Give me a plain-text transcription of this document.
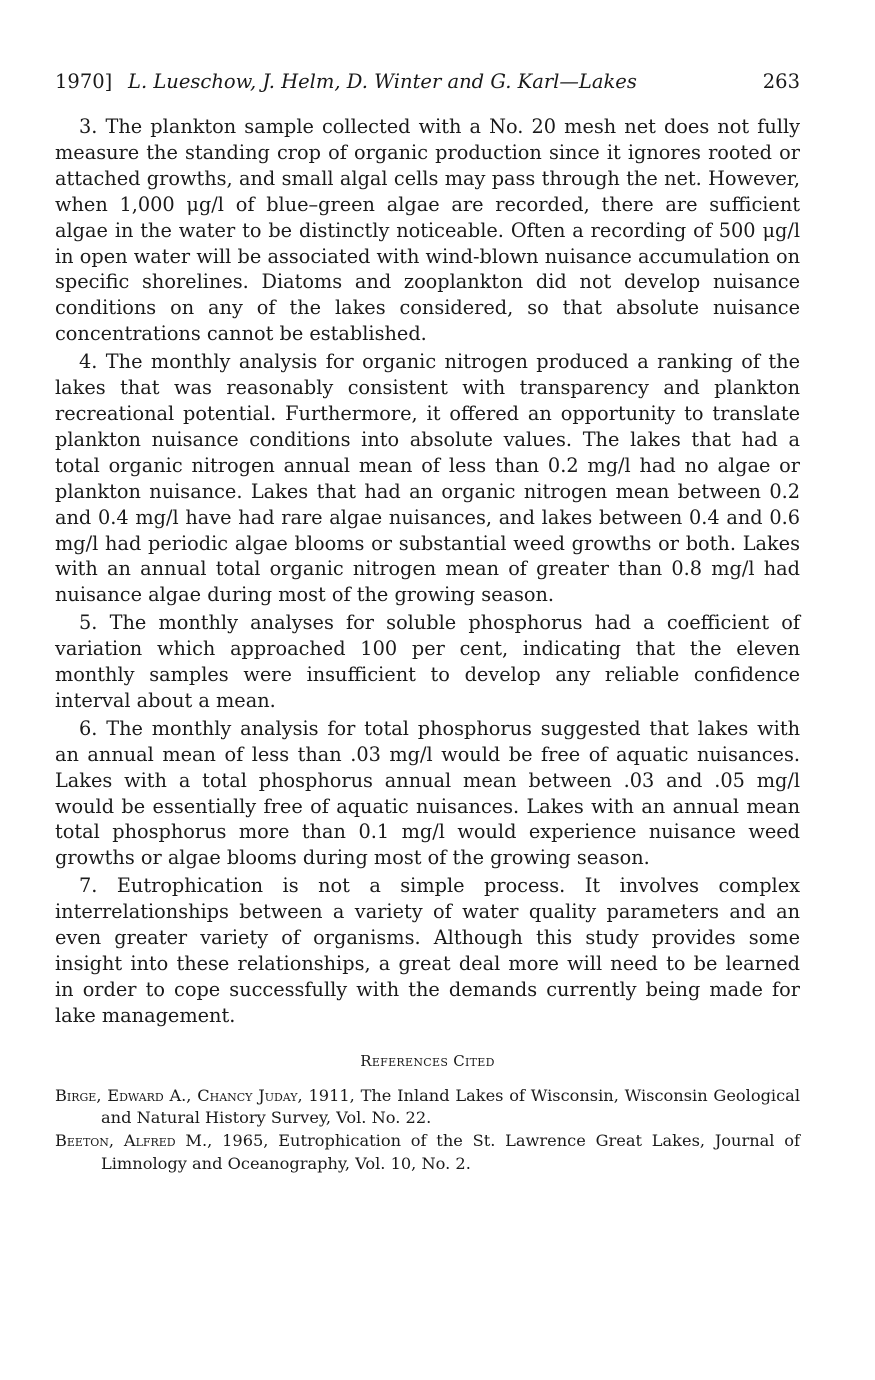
1970] L. Lueschow, J. Helm, D. Winter and G. Karl—Lakes	263

3. The plankton sample collected with a No. 20 mesh net does not fully measure the standing crop of organic production since it ignores rooted or attached growths, and small algal cells may pass through the net. However, when 1,000 μg/l of blue–green algae are recorded, there are sufficient algae in the water to be distinctly noticeable. Often a recording of 500 μg/l in open water will be associated with wind-blown nuisance accumulation on specific shorelines. Diatoms and zooplankton did not develop nuisance conditions on any of the lakes considered, so that absolute nuisance concentrations cannot be established.

4. The monthly analysis for organic nitrogen produced a ranking of the lakes that was reasonably consistent with transparency and plankton recreational potential. Furthermore, it offered an opportunity to translate plankton nuisance conditions into absolute values. The lakes that had a total organic nitrogen annual mean of less than 0.2 mg/l had no algae or plankton nuisance. Lakes that had an organic nitrogen mean between 0.2 and 0.4 mg/l have had rare algae nuisances, and lakes between 0.4 and 0.6 mg/l had periodic algae blooms or substantial weed growths or both. Lakes with an annual total organic nitrogen mean of greater than 0.8 mg/l had nuisance algae during most of the growing season.

5. The monthly analyses for soluble phosphorus had a coefficient of variation which approached 100 per cent, indicating that the eleven monthly samples were insufficient to develop any reliable confidence interval about a mean.

6. The monthly analysis for total phosphorus suggested that lakes with an annual mean of less than .03 mg/l would be free of aquatic nuisances. Lakes with a total phosphorus annual mean between .03 and .05 mg/l would be essentially free of aquatic nuisances. Lakes with an annual mean total phosphorus more than 0.1 mg/l would experience nuisance weed growths or algae blooms during most of the growing season.

7. Eutrophication is not a simple process. It involves complex interrelationships between a variety of water quality parameters and an even greater variety of organisms. Although this study provides some insight into these relationships, a great deal more will need to be learned in order to cope successfully with the demands currently being made for lake management.

References Cited

Birge, Edward A., Chancy Juday, 1911, The Inland Lakes of Wisconsin, Wisconsin Geological and Natural History Survey, Vol. No. 22.

Beeton, Alfred M., 1965, Eutrophication of the St. Lawrence Great Lakes, Journal of Limnology and Oceanography, Vol. 10, No. 2.
